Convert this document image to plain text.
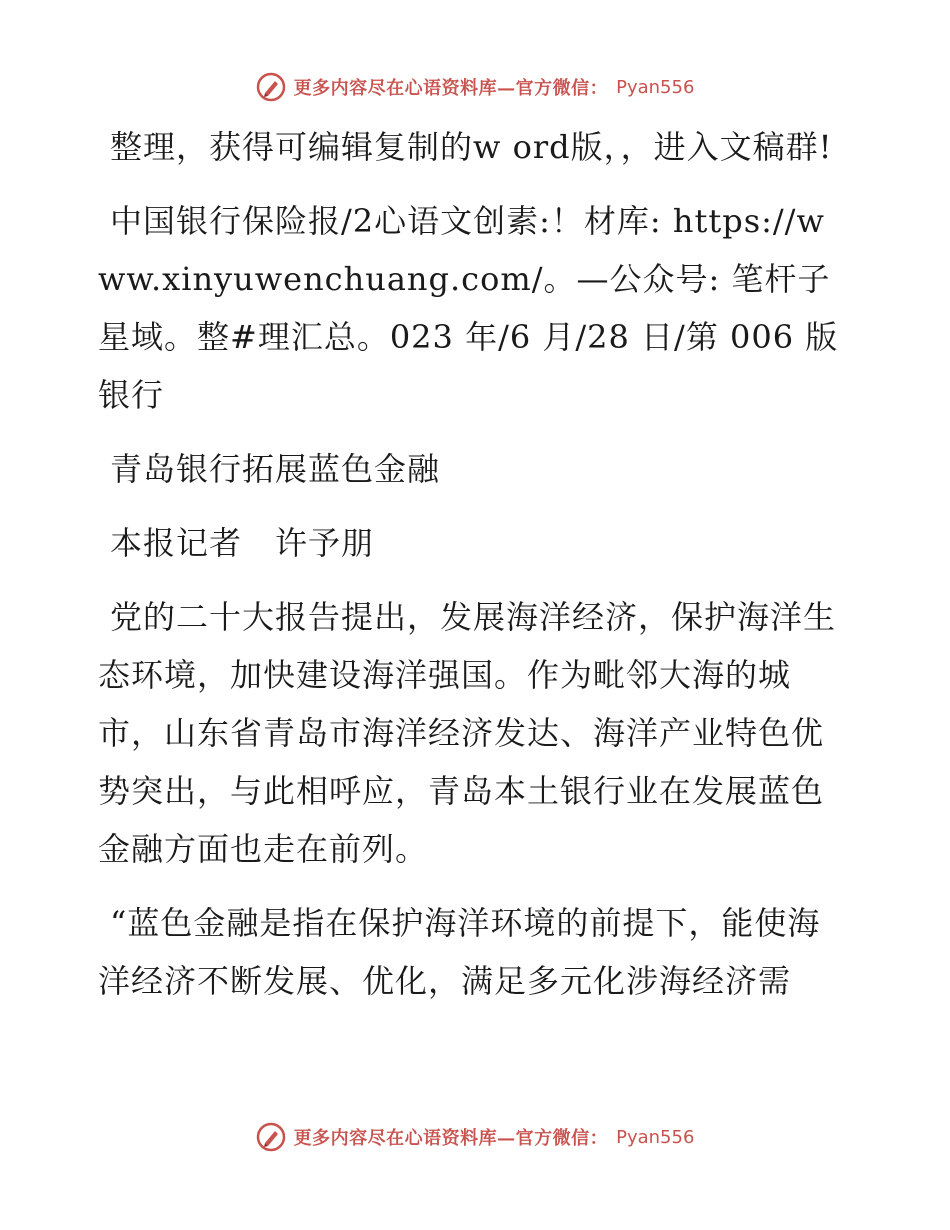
更多内容尽在心语资料库—官方微信： Pyan556

整理，获得可编辑复制的w ord版，，进入文稿群!

中国银行保险报/2心语文创素:！材库: https://www.xinyuwenchuang.com/。—公众号: 笔杆子星域。整#理汇总。023 年/6 月/28 日/第 006 版银行

青岛银行拓展蓝色金融

本报记者　许予朋

党的二十大报告提出，发展海洋经济，保护海洋生态环境，加快建设海洋强国。作为毗邻大海的城市，山东省青岛市海洋经济发达、海洋产业特色优势突出，与此相呼应，青岛本土银行业在发展蓝色金融方面也走在前列。

“蓝色金融是指在保护海洋环境的前提下，能使海洋经济不断发展、优化，满足多元化涉海经济需

更多内容尽在心语资料库—官方微信： Pyan556
